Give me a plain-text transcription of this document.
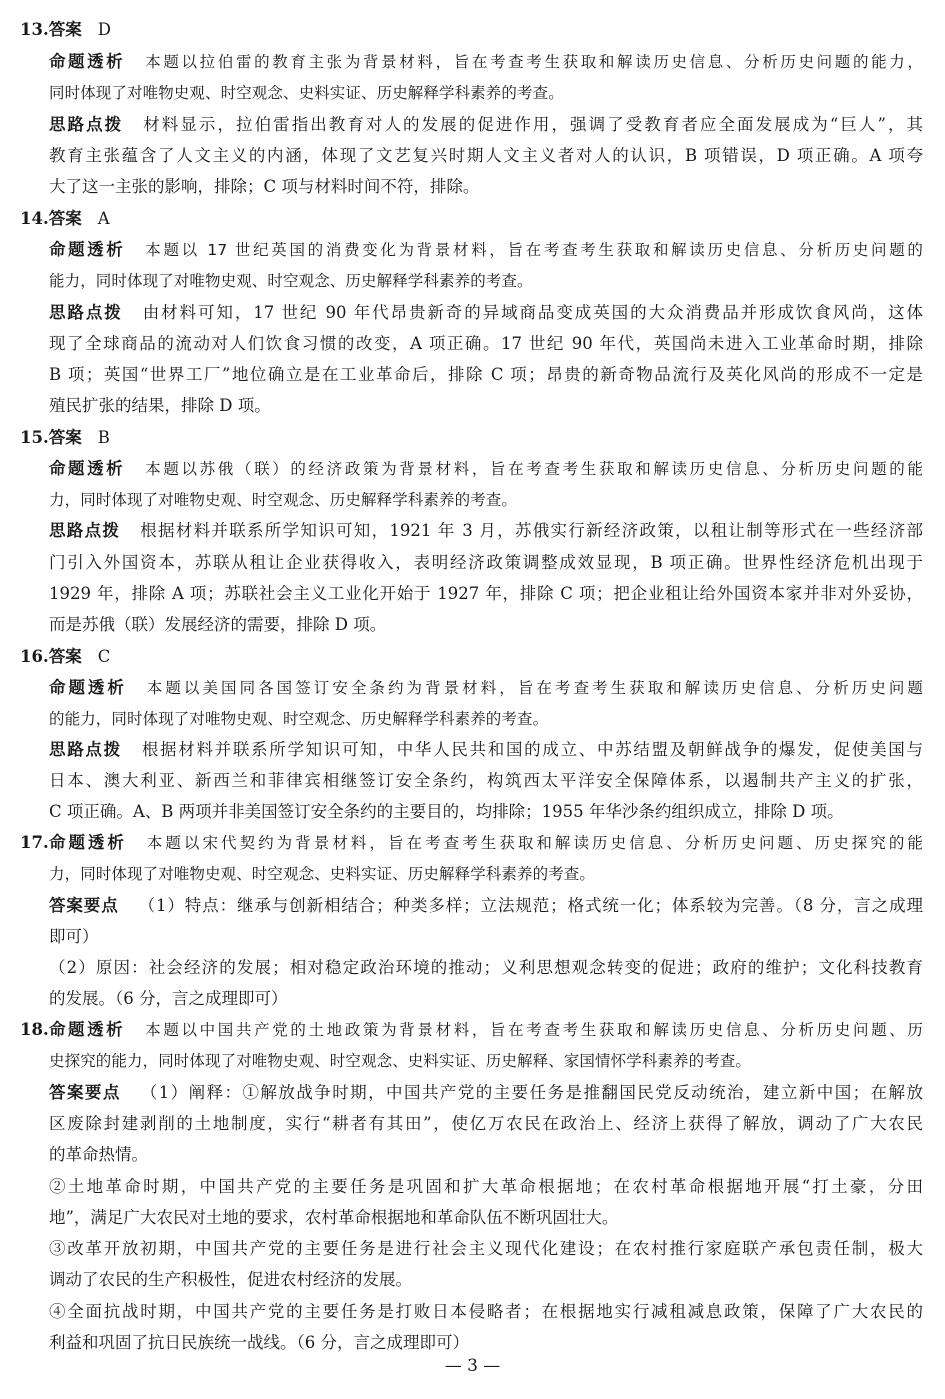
13.答案 D
命题透析 本题以拉伯雷的教育主张为背景材料，旨在考查考生获取和解读历史信息、分析历史问题的能力，
同时体现了对唯物史观、时空观念、史料实证、历史解释学科素养的考查。
思路点拨 材料显示，拉伯雷指出教育对人的发展的促进作用，强调了受教育者应全面发展成为“巨人”，其
教育主张蕴含了人文主义的内涵，体现了文艺复兴时期人文主义者对人的认识，B 项错误，D 项正确。A 项夸
大了这一主张的影响，排除；C 项与材料时间不符，排除。
14.答案 A
命题透析 本题以 17 世纪英国的消费变化为背景材料，旨在考查考生获取和解读历史信息、分析历史问题的
能力，同时体现了对唯物史观、时空观念、历史解释学科素养的考查。
思路点拨 由材料可知，17 世纪 90 年代昂贵新奇的异域商品变成英国的大众消费品并形成饮食风尚，这体
现了全球商品的流动对人们饮食习惯的改变，A 项正确。17 世纪 90 年代，英国尚未进入工业革命时期，排除
B 项；英国“世界工厂”地位确立是在工业革命后，排除 C 项；昂贵的新奇物品流行及英化风尚的形成不一定是
殖民扩张的结果，排除 D 项。
15.答案 B
命题透析 本题以苏俄（联）的经济政策为背景材料，旨在考查考生获取和解读历史信息、分析历史问题的能
力，同时体现了对唯物史观、时空观念、历史解释学科素养的考查。
思路点拨 根据材料并联系所学知识可知，1921 年 3 月，苏俄实行新经济政策，以租让制等形式在一些经济部
门引入外国资本，苏联从租让企业获得收入，表明经济政策调整成效显现，B 项正确。世界性经济危机出现于
1929 年，排除 A 项；苏联社会主义工业化开始于 1927 年，排除 C 项；把企业租让给外国资本家并非对外妥协，
而是苏俄（联）发展经济的需要，排除 D 项。
16.答案 C
命题透析 本题以美国同各国签订安全条约为背景材料，旨在考查考生获取和解读历史信息、分析历史问题
的能力，同时体现了对唯物史观、时空观念、历史解释学科素养的考查。
思路点拨 根据材料并联系所学知识可知，中华人民共和国的成立、中苏结盟及朝鲜战争的爆发，促使美国与
日本、澳大利亚、新西兰和菲律宾相继签订安全条约，构筑西太平洋安全保障体系，以遏制共产主义的扩张，
C 项正确。A、B 两项并非美国签订安全条约的主要目的，均排除；1955 年华沙条约组织成立，排除 D 项。
17. 命题透析 本题以宋代契约为背景材料，旨在考查考生获取和解读历史信息、分析历史问题、历史探究的能
力，同时体现了对唯物史观、时空观念、史料实证、历史解释学科素养的考查。
答案要点 （1）特点：继承与创新相结合；种类多样；立法规范；格式统一化；体系较为完善。（8 分，言之成理
即可）
（2）原因：社会经济的发展；相对稳定政治环境的推动；义利思想观念转变的促进；政府的维护；文化科技教育
的发展。（6 分，言之成理即可）
18. 命题透析 本题以中国共产党的土地政策为背景材料，旨在考查考生获取和解读历史信息、分析历史问题、历
史探究的能力，同时体现了对唯物史观、时空观念、史料实证、历史解释、家国情怀学科素养的考查。
答案要点 （1）阐释：①解放战争时期，中国共产党的主要任务是推翻国民党反动统治，建立新中国；在解放
区废除封建剥削的土地制度，实行“耕者有其田”，使亿万农民在政治上、经济上获得了解放，调动了广大农民
的革命热情。
②土地革命时期，中国共产党的主要任务是巩固和扩大革命根据地；在农村革命根据地开展“打土豪，分田
地”，满足广大农民对土地的要求，农村革命根据地和革命队伍不断巩固壮大。
③改革开放初期，中国共产党的主要任务是进行社会主义现代化建设；在农村推行家庭联产承包责任制，极大
调动了农民的生产积极性，促进农村经济的发展。
④全面抗战时期，中国共产党的主要任务是打败日本侵略者；在根据地实行减租减息政策，保障了广大农民的
利益和巩固了抗日民族统一战线。（6 分，言之成理即可）
— 3 —
